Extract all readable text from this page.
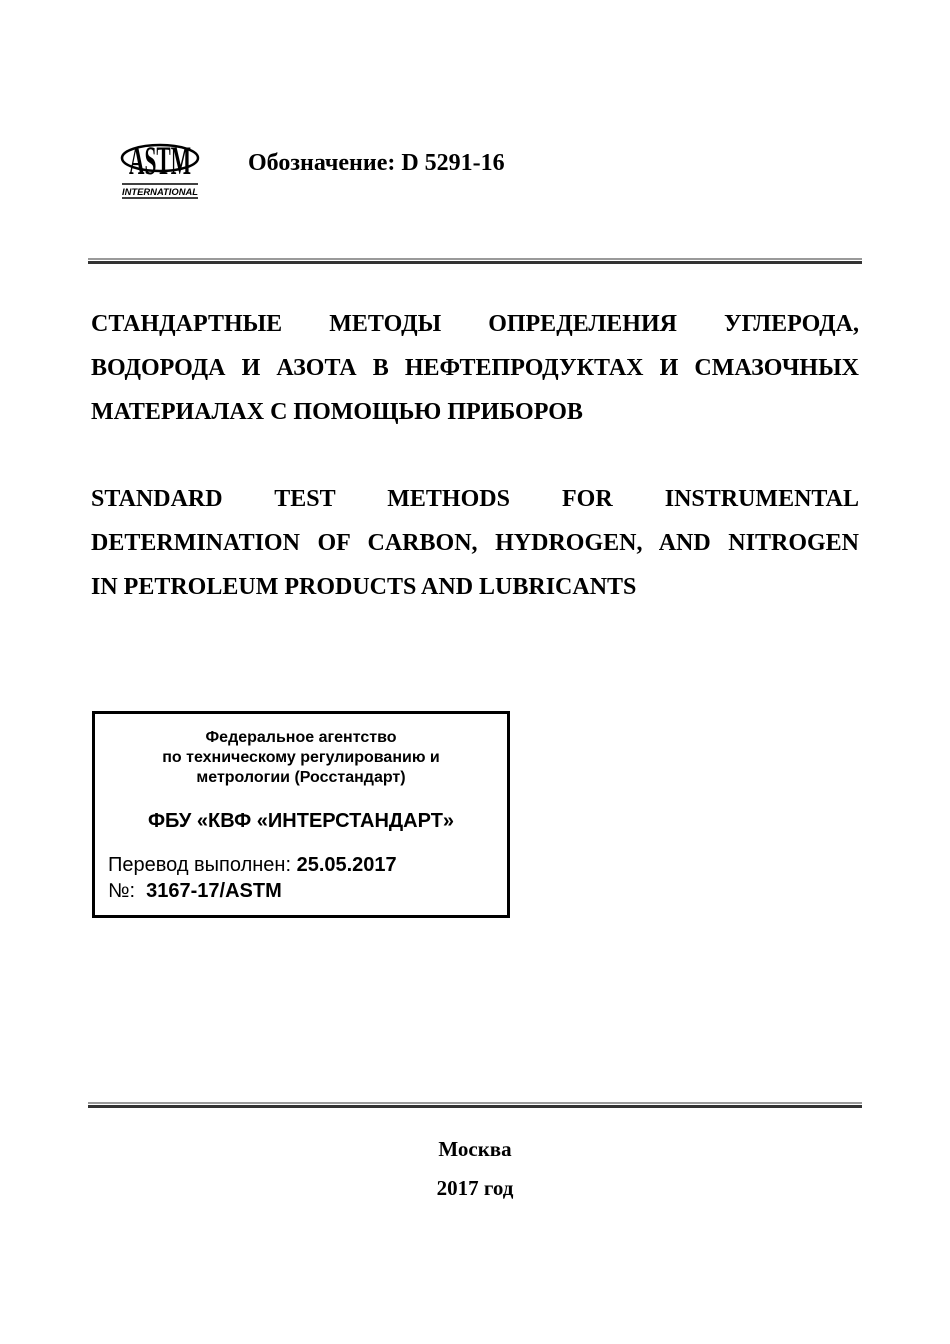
ASTM
INTERNATIONAL
Обозначение: D 5291-16
СТАНДАРТНЫЕ МЕТОДЫ ОПРЕДЕЛЕНИЯ УГЛЕРОДА,
ВОДОРОДА И АЗОТА В НЕФТЕПРОДУКТАХ И СМАЗОЧНЫХ
МАТЕРИАЛАХ С ПОМОЩЬЮ ПРИБОРОВ
STANDARD TEST METHODS FOR INSTRUMENTAL
DETERMINATION OF CARBON, HYDROGEN, AND NITROGEN
IN PETROLEUM PRODUCTS AND LUBRICANTS
Федеральное агентство
по техническому регулированию и
метрологии (Росстандарт)
ФБУ «КВФ «ИНТЕРСТАНДАРТ»
Перевод выполнен: 25.05.2017
№: 3167-17/ASTM
Москва
2017 год
